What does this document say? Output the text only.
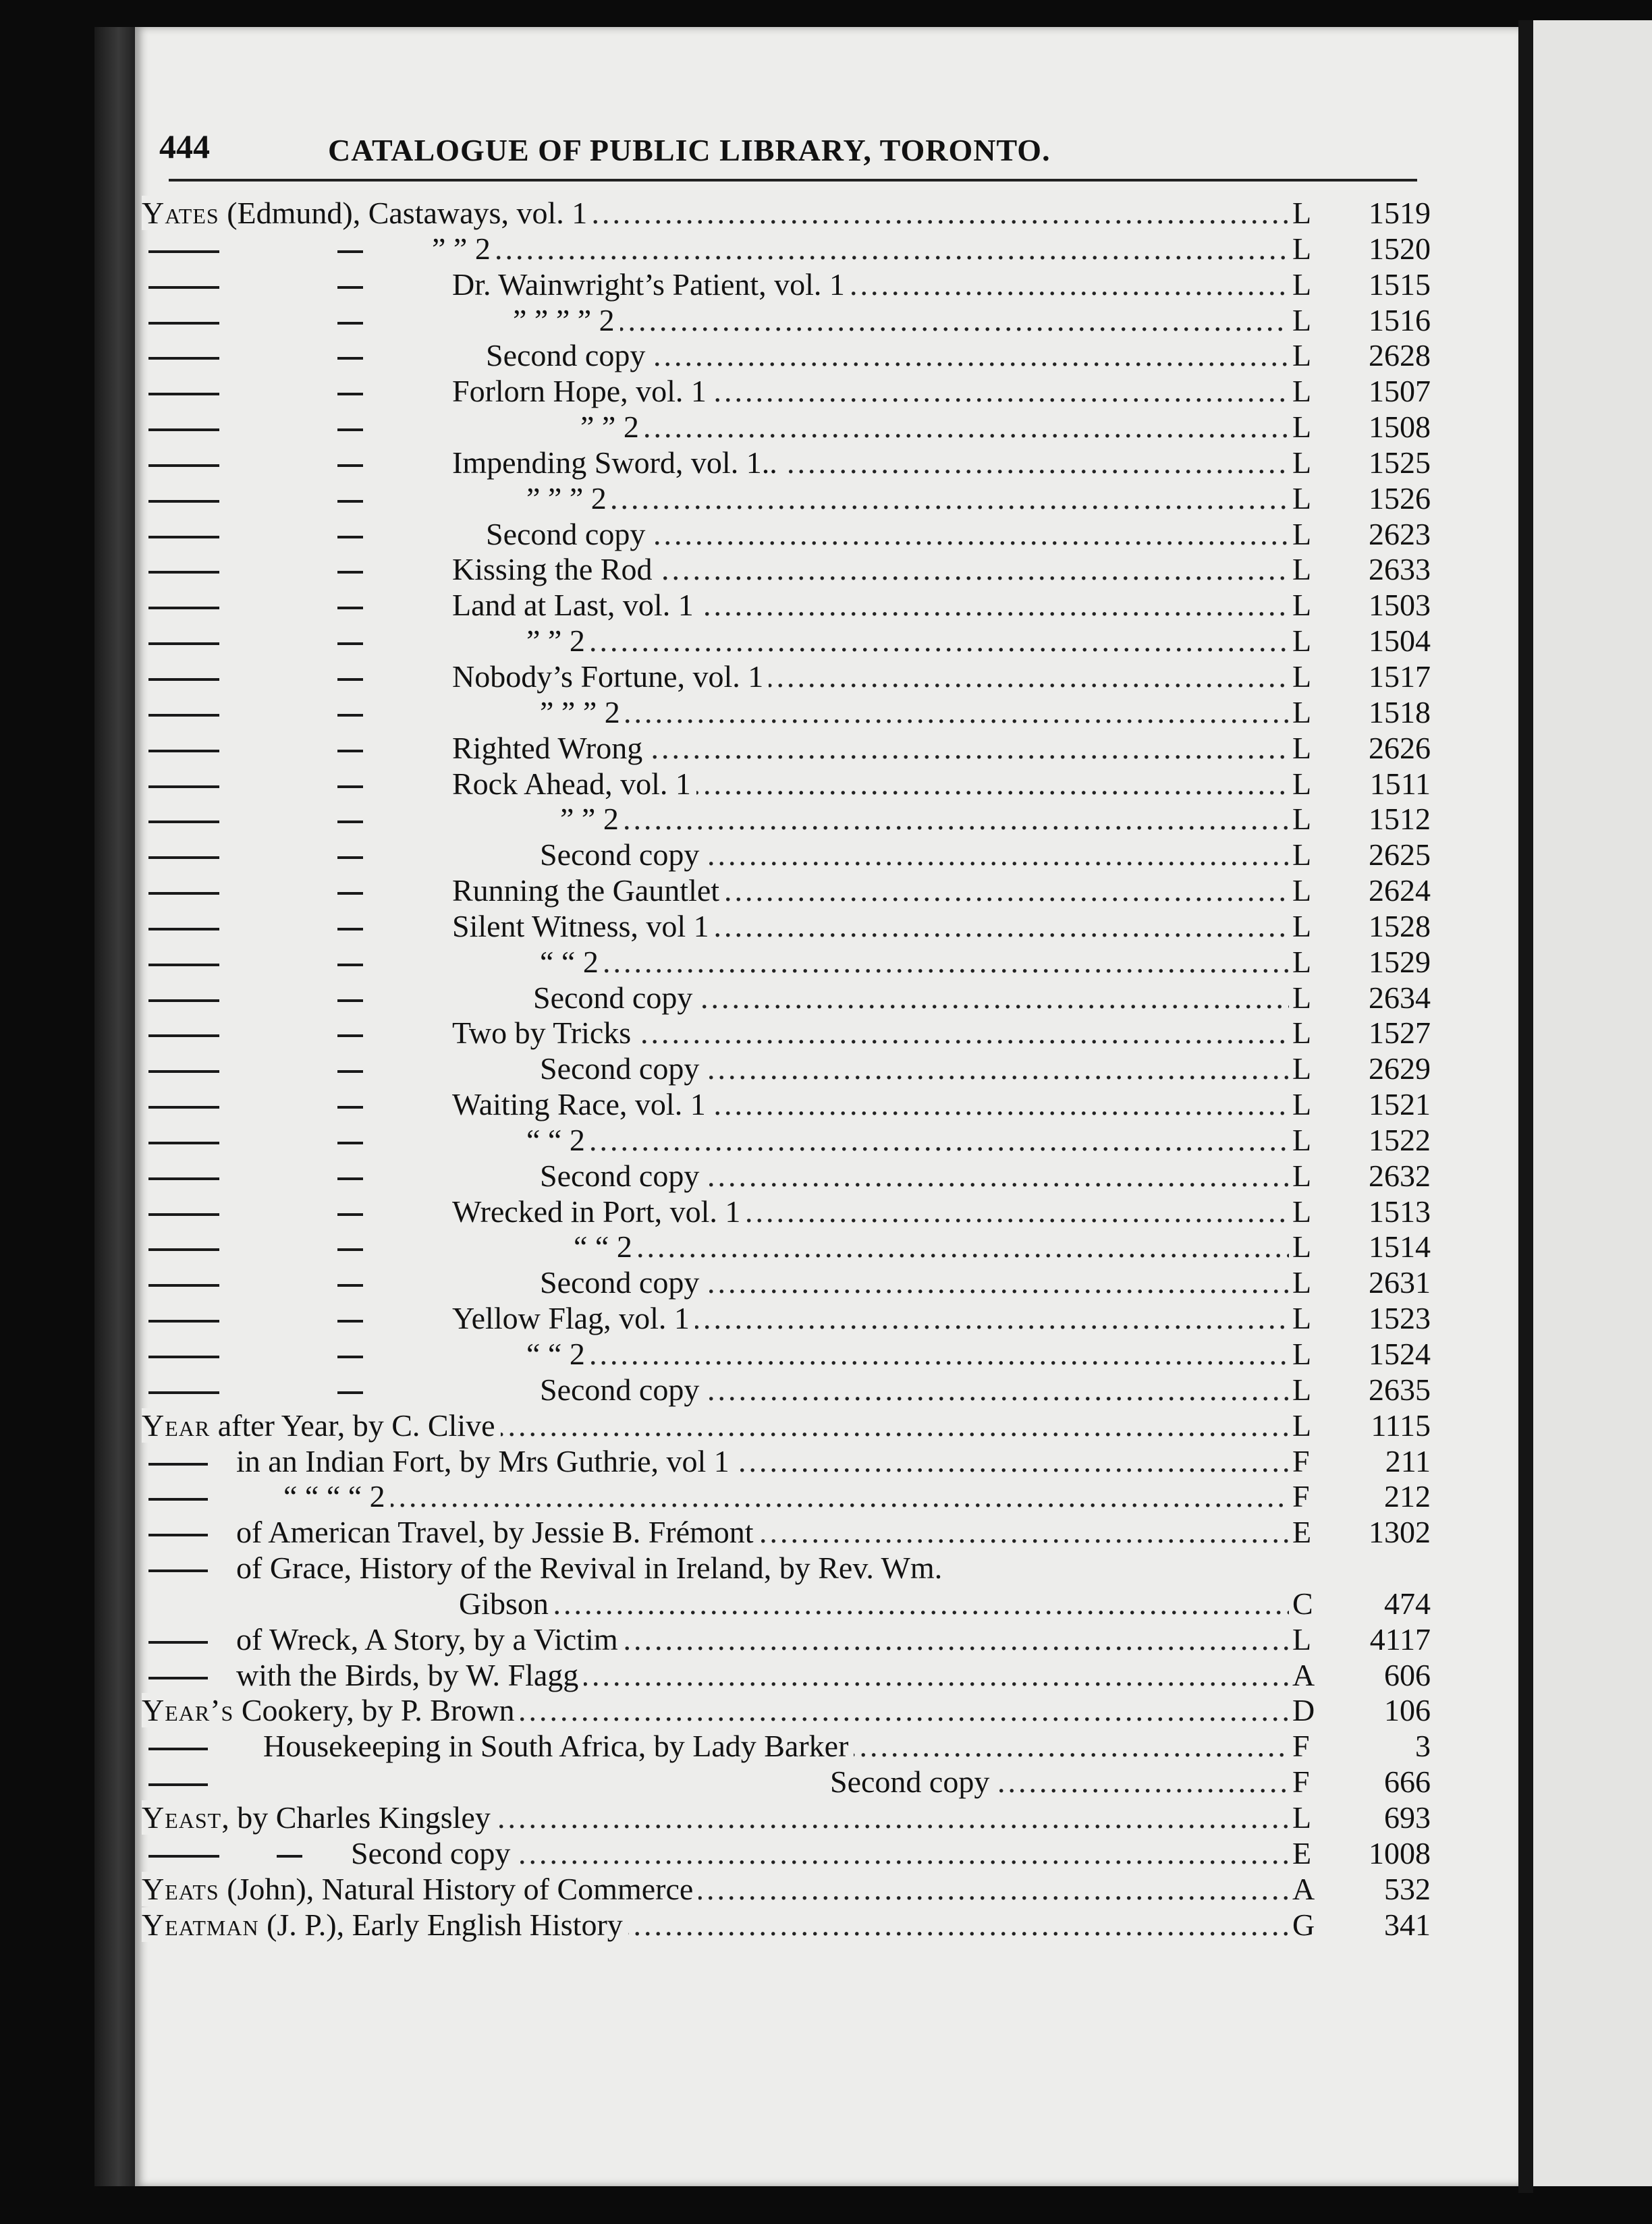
444	CATALOGUE OF PUBLIC LIBRARY, TORONTO.
Yates (Edmund), Castaways, vol. 1 .....	L	1519
” ” 2 .....	L	1520
Dr. Wainwright’s Patient, vol. 1 .....	L	1515
” ” ” ” 2 .....	L	1516
Second copy .....	L	2628
Forlorn Hope, vol. 1 .....	L	1507
” ” 2 .....	L	1508
Impending Sword, vol. 1.. .....	L	1525
” ” ” 2 .....	L	1526
Second copy .....	L	2623
Kissing the Rod .....	L	2633
Land at Last, vol. 1 .....	L	1503
” ” 2 .....	L	1504
Nobody’s Fortune, vol. 1 .....	L	1517
” ” ” 2 .....	L	1518
Righted Wrong .....	L	2626
Rock Ahead, vol. 1 .....	L	1511
” ” 2 .....	L	1512
Second copy .....	L	2625
Running the Gauntlet .....	L	2624
Silent Witness, vol 1 .....	L	1528
“ “ 2 .....	L	1529
Second copy .....	L	2634
Two by Tricks .....	L	1527
Second copy .....	L	2629
Waiting Race, vol. 1 .....	L	1521
“ “ 2 .....	L	1522
Second copy .....	L	2632
Wrecked in Port, vol. 1 .....	L	1513
“ “ 2 .....	L	1514
Second copy .....	L	2631
Yellow Flag, vol. 1 .....	L	1523
“ “ 2 .....	L	1524
Second copy .....	L	2635
Year after Year, by C. Clive .....	L	1115
in an Indian Fort, by Mrs Guthrie, vol 1 .....	F	211
“ “ “ “ 2 .....	F	212
of American Travel, by Jessie B. Frémont .....	E	1302
of Grace, History of the Revival in Ireland, by Rev. Wm.
Gibson .....	C	474
of Wreck, A Story, by a Victim .....	L	4117
with the Birds, by W. Flagg .....	A	606
Year’s Cookery, by P. Brown .....	D	106
Housekeeping in South Africa, by Lady Barker .....	F	3
Second copy .....	F	666
Yeast, by Charles Kingsley .....	L	693
Second copy .....	E	1008
Yeats (John), Natural History of Commerce .....	A	532
Yeatman (J. P.), Early English History .....	G	341
